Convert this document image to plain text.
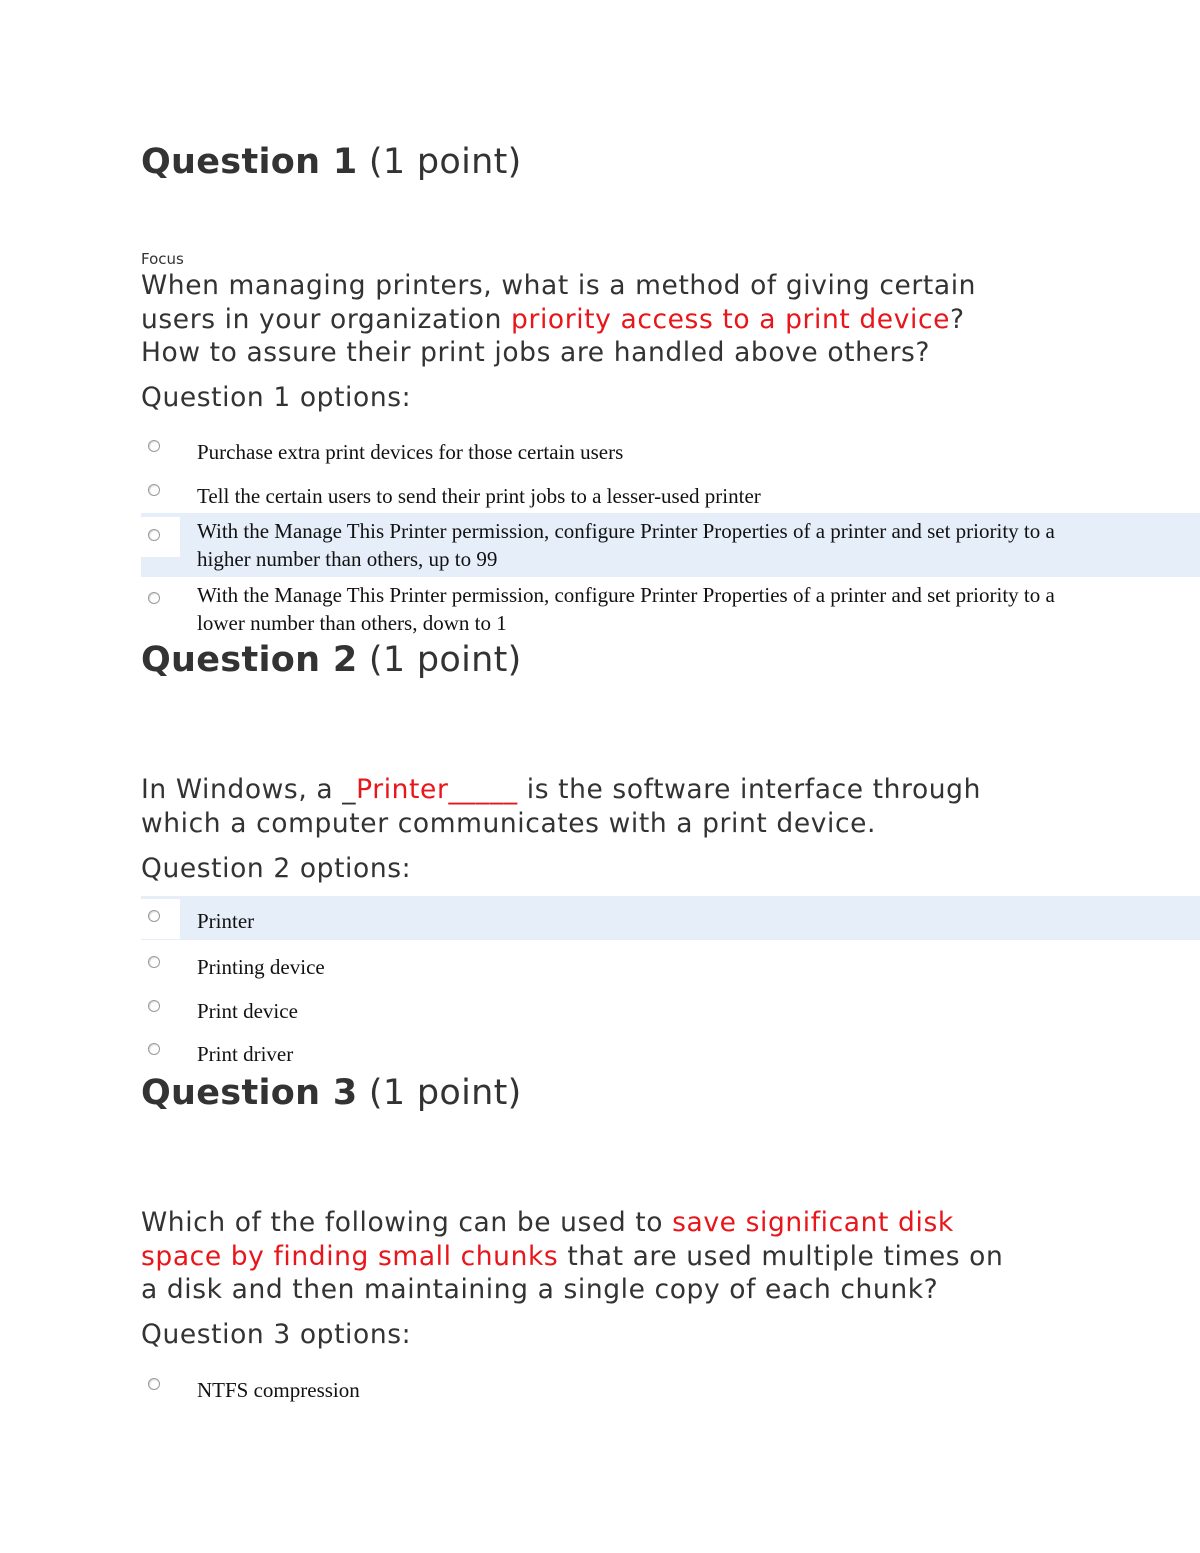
Question 1 (1 point)
Focus
When managing printers, what is a method of giving certain
users in your organization priority access to a print device?
How to assure their print jobs are handled above others?
Question 1 options:
Purchase extra print devices for those certain users
Tell the certain users to send their print jobs to a lesser-used printer
With the Manage This Printer permission, configure Printer Properties of a printer and set priority to a
higher number than others, up to 99
With the Manage This Printer permission, configure Printer Properties of a printer and set priority to a
lower number than others, down to 1
Question 2 (1 point)
In Windows, a _Printer_____ is the software interface through
which a computer communicates with a print device.
Question 2 options:
Printer
Printing device
Print device
Print driver
Question 3 (1 point)
Which of the following can be used to save significant disk
space by finding small chunks that are used multiple times on
a disk and then maintaining a single copy of each chunk?
Question 3 options:
NTFS compression
